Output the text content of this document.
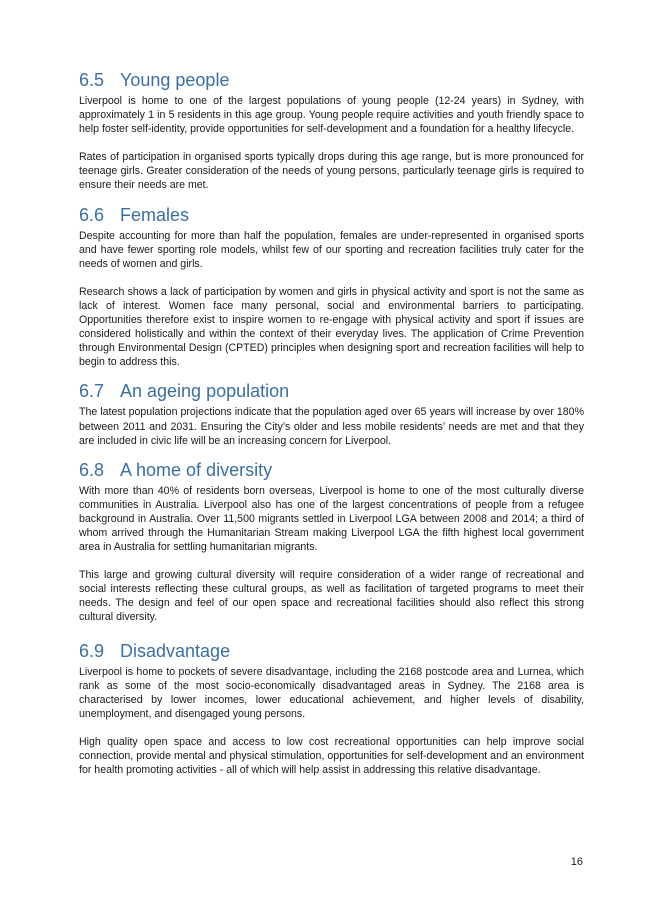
6.5 Young people

Liverpool is home to one of the largest populations of young people (12-24 years) in Sydney, with approximately 1 in 5 residents in this age group. Young people require activities and youth friendly space to help foster self-identity, provide opportunities for self-development and a foundation for a healthy lifecycle.

Rates of participation in organised sports typically drops during this age range, but is more pronounced for teenage girls. Greater consideration of the needs of young persons, particularly teenage girls is required to ensure their needs are met.

6.6 Females

Despite accounting for more than half the population, females are under-represented in organised sports and have fewer sporting role models, whilst few of our sporting and recreation facilities truly cater for the needs of women and girls.

Research shows a lack of participation by women and girls in physical activity and sport is not the same as lack of interest. Women face many personal, social and environmental barriers to participating. Opportunities therefore exist to inspire women to re-engage with physical activity and sport if issues are considered holistically and within the context of their everyday lives. The application of Crime Prevention through Environmental Design (CPTED) principles when designing sport and recreation facilities will help to begin to address this.

6.7 An ageing population

The latest population projections indicate that the population aged over 65 years will increase by over 180% between 2011 and 2031. Ensuring the City’s older and less mobile residents’ needs are met and that they are included in civic life will be an increasing concern for Liverpool.

6.8 A home of diversity

With more than 40% of residents born overseas, Liverpool is home to one of the most culturally diverse communities in Australia. Liverpool also has one of the largest concentrations of people from a refugee background in Australia. Over 11,500 migrants settled in Liverpool LGA between 2008 and 2014; a third of whom arrived through the Humanitarian Stream making Liverpool LGA the fifth highest local government area in Australia for settling humanitarian migrants.

This large and growing cultural diversity will require consideration of a wider range of recreational and social interests reflecting these cultural groups, as well as facilitation of targeted programs to meet their needs. The design and feel of our open space and recreational facilities should also reflect this strong cultural diversity.

6.9 Disadvantage

Liverpool is home to pockets of severe disadvantage, including the 2168 postcode area and Lurnea, which rank as some of the most socio-economically disadvantaged areas in Sydney. The 2168 area is characterised by lower incomes, lower educational achievement, and higher levels of disability, unemployment, and disengaged young persons.

High quality open space and access to low cost recreational opportunities can help improve social connection, provide mental and physical stimulation, opportunities for self-development and an environment for health promoting activities - all of which will help assist in addressing this relative disadvantage.

16
